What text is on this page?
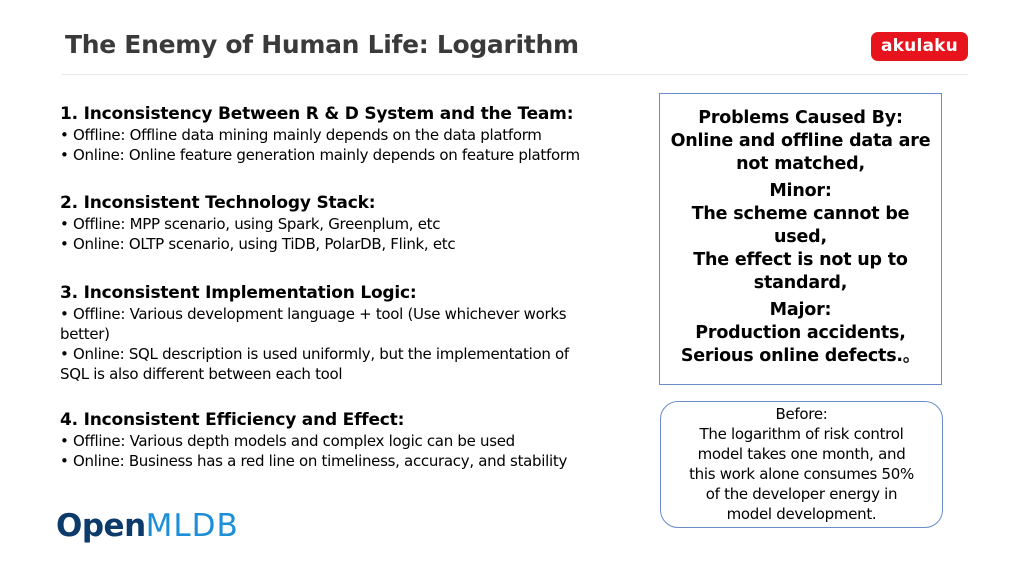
The Enemy of Human Life: Logarithm	akulaku
1. Inconsistency Between R & D System and the Team:
• Offline: Offline data mining mainly depends on the data platform
• Online: Online feature generation mainly depends on feature platform
2. Inconsistent Technology Stack:
• Offline: MPP scenario, using Spark, Greenplum, etc
• Online: OLTP scenario, using TiDB, PolarDB, Flink, etc
3. Inconsistent Implementation Logic:
• Offline: Various development language + tool (Use whichever works
better)
• Online: SQL description is used uniformly, but the implementation of
SQL is also different between each tool
4. Inconsistent Efficiency and Effect:
• Offline: Various depth models and complex logic can be used
• Online: Business has a red line on timeliness, accuracy, and stability
Problems Caused By:
Online and offline data are
not matched,
Minor:
The scheme cannot be
used,
The effect is not up to
standard,
Major:
Production accidents,
Serious online defects.。
Before:
The logarithm of risk control
model takes one month, and
this work alone consumes 50%
of the developer energy in
model development.
OpenMLDB
